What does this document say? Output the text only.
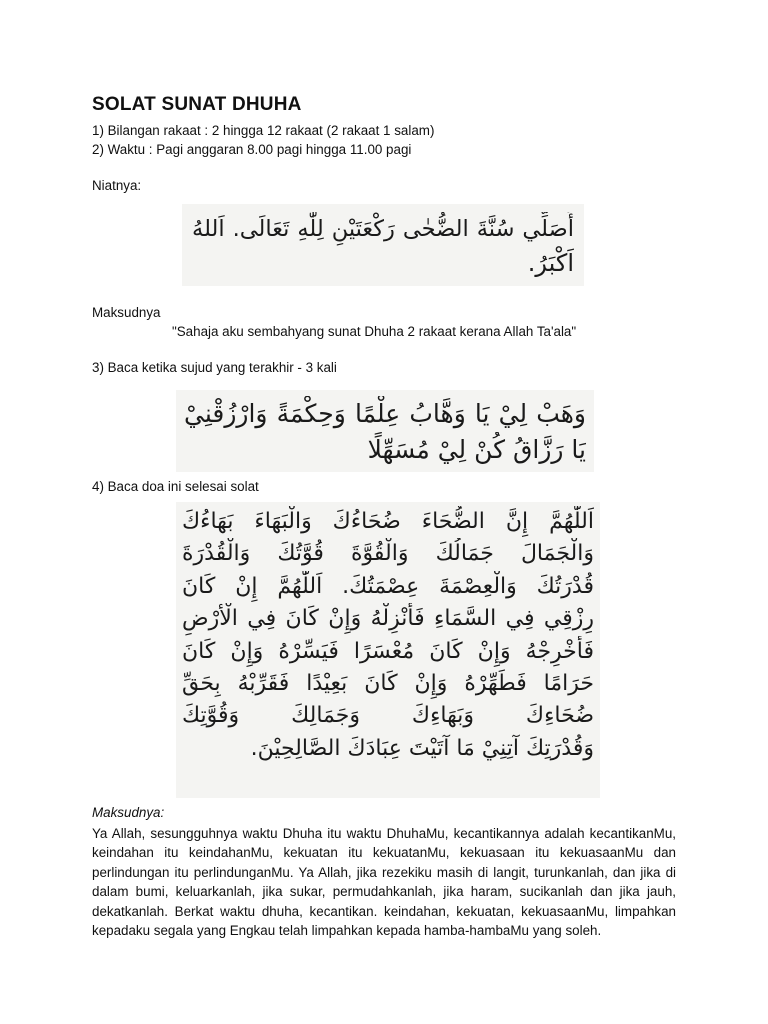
SOLAT SUNAT DHUHA

1) Bilangan rakaat : 2 hingga 12 rakaat (2 rakaat 1 salam)

2) Waktu : Pagi anggaran 8.00 pagi hingga 11.00 pagi

Niatnya:

أُصَلِّي سُنَّةَ الضُّحٰى رَكْعَتَيْنِ لِلّٰهِ تَعَالَى. اَللهُ
اَكْبَرُ.

Maksudnya

"Sahaja aku sembahyang sunat Dhuha 2 rakaat kerana Allah Ta'ala"

3) Baca ketika sujud yang terakhir - 3 kali

وَهَبْ لِيْ يَا وَهَّابُ عِلْمًا وَحِكْمَةً وَارْزُقْنِيْ
يَا رَزَّاقُ كُنْ لِيْ مُسَهِّلًا

4) Baca doa ini selesai solat

اَللّٰهُمَّ إِنَّ الضُّحَاءَ ضُحَاءُكَ وَالْبَهَاءَ بَهَاءُكَ
وَالْجَمَالَ جَمَالُكَ وَالْقُوَّةَ قُوَّتُكَ وَالْقُدْرَةَ
قُدْرَتُكَ وَالْعِصْمَةَ عِصْمَتُكَ. اَللّٰهُمَّ إِنْ كَانَ
رِزْقِي فِي السَّمَاءِ فَأَنْزِلْهُ وَإِنْ كَانَ فِي الْأَرْضِ
فَأَخْرِجْهُ وَإِنْ كَانَ مُعْسَرًا فَيَسِّرْهُ وَإِنْ كَانَ
حَرَامًا فَطَهِّرْهُ وَإِنْ كَانَ بَعِيْدًا فَقَرِّبْهُ بِحَقِّ
ضُحَاءِكَ وَبَهَاءِكَ وَجَمَالِكَ وَقُوَّتِكَ
وَقُدْرَتِكَ آتِنِيْ مَا آتَيْتَ عِبَادَكَ الصَّالِحِيْنَ.

Maksudnya:

Ya Allah, sesungguhnya waktu Dhuha itu waktu DhuhaMu, kecantikannya adalah kecantikanMu, keindahan itu keindahanMu, kekuatan itu kekuatanMu, kekuasaan itu kekuasaanMu dan perlindungan itu perlindunganMu. Ya Allah, jika rezekiku masih di langit, turunkanlah, dan jika di dalam bumi, keluarkanlah, jika sukar, permudahkanlah, jika haram, sucikanlah dan jika jauh, dekatkanlah. Berkat waktu dhuha, kecantikan. keindahan, kekuatan, kekuasaanMu, limpahkan kepadaku segala yang Engkau telah limpahkan kepada hamba-hambaMu yang soleh.
